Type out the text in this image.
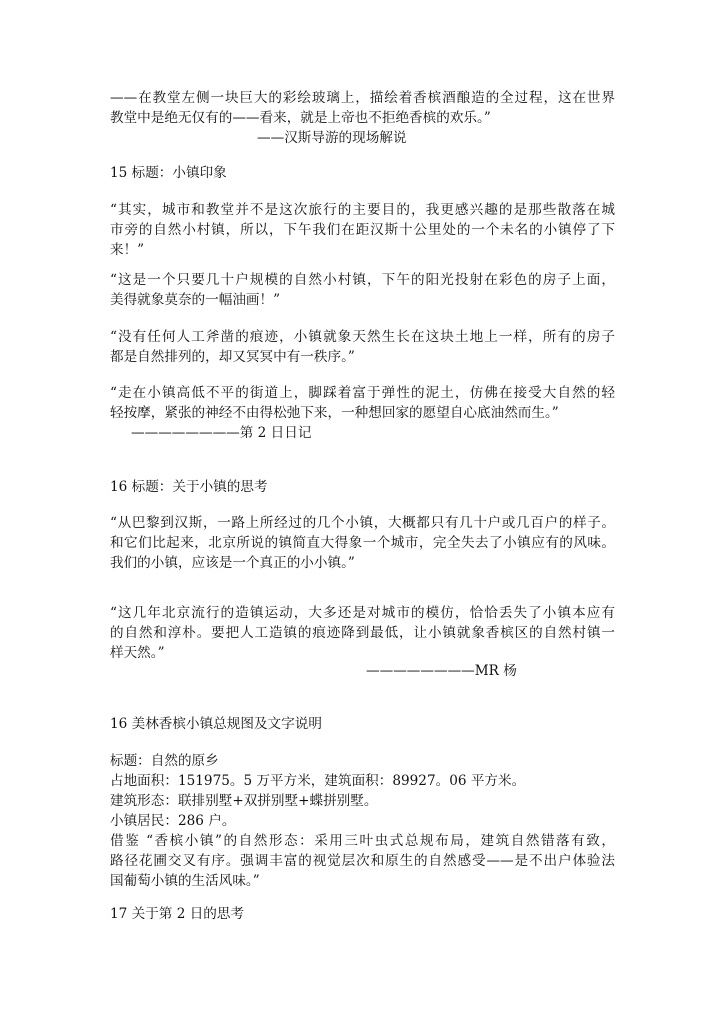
——在教堂左侧一块巨大的彩绘玻璃上，描绘着香槟酒酿造的全过程，这在世界
教堂中是绝无仅有的——看来，就是上帝也不拒绝香槟的欢乐。”
——汉斯导游的现场解说
15 标题：小镇印象
“其实，城市和教堂并不是这次旅行的主要目的，我更感兴趣的是那些散落在城
市旁的自然小村镇，所以，下午我们在距汉斯十公里处的一个未名的小镇停了下
来！”
“这是一个只要几十户规模的自然小村镇，下午的阳光投射在彩色的房子上面，
美得就象莫奈的一幅油画！”
“没有任何人工斧凿的痕迹，小镇就象天然生长在这块土地上一样，所有的房子
都是自然排列的，却又冥冥中有一秩序。”
“走在小镇高低不平的街道上，脚踩着富于弹性的泥土，仿佛在接受大自然的轻
轻按摩，紧张的神经不由得松弛下来，一种想回家的愿望自心底油然而生。”
————————第 2 日日记
16 标题：关于小镇的思考
“从巴黎到汉斯，一路上所经过的几个小镇，大概都只有几十户或几百户的样子。
和它们比起来，北京所说的镇简直大得象一个城市，完全失去了小镇应有的风味。
我们的小镇，应该是一个真正的小小镇。”
“这几年北京流行的造镇运动，大多还是对城市的模仿，恰恰丢失了小镇本应有
的自然和淳朴。要把人工造镇的痕迹降到最低，让小镇就象香槟区的自然村镇一
样天然。”
————————MR 杨
16 美林香槟小镇总规图及文字说明
标题：自然的原乡
占地面积：151975。5 万平方米，建筑面积：89927。06 平方米。
建筑形态：联排别墅+双拼别墅+蝶拼别墅。
小镇居民：286 户。
借鉴 “香槟小镇”的自然形态：采用三叶虫式总规布局，建筑自然错落有致，
路径花圃交叉有序。强调丰富的视觉层次和原生的自然感受——是不出户体验法
国葡萄小镇的生活风味。”
17 关于第 2 日的思考
